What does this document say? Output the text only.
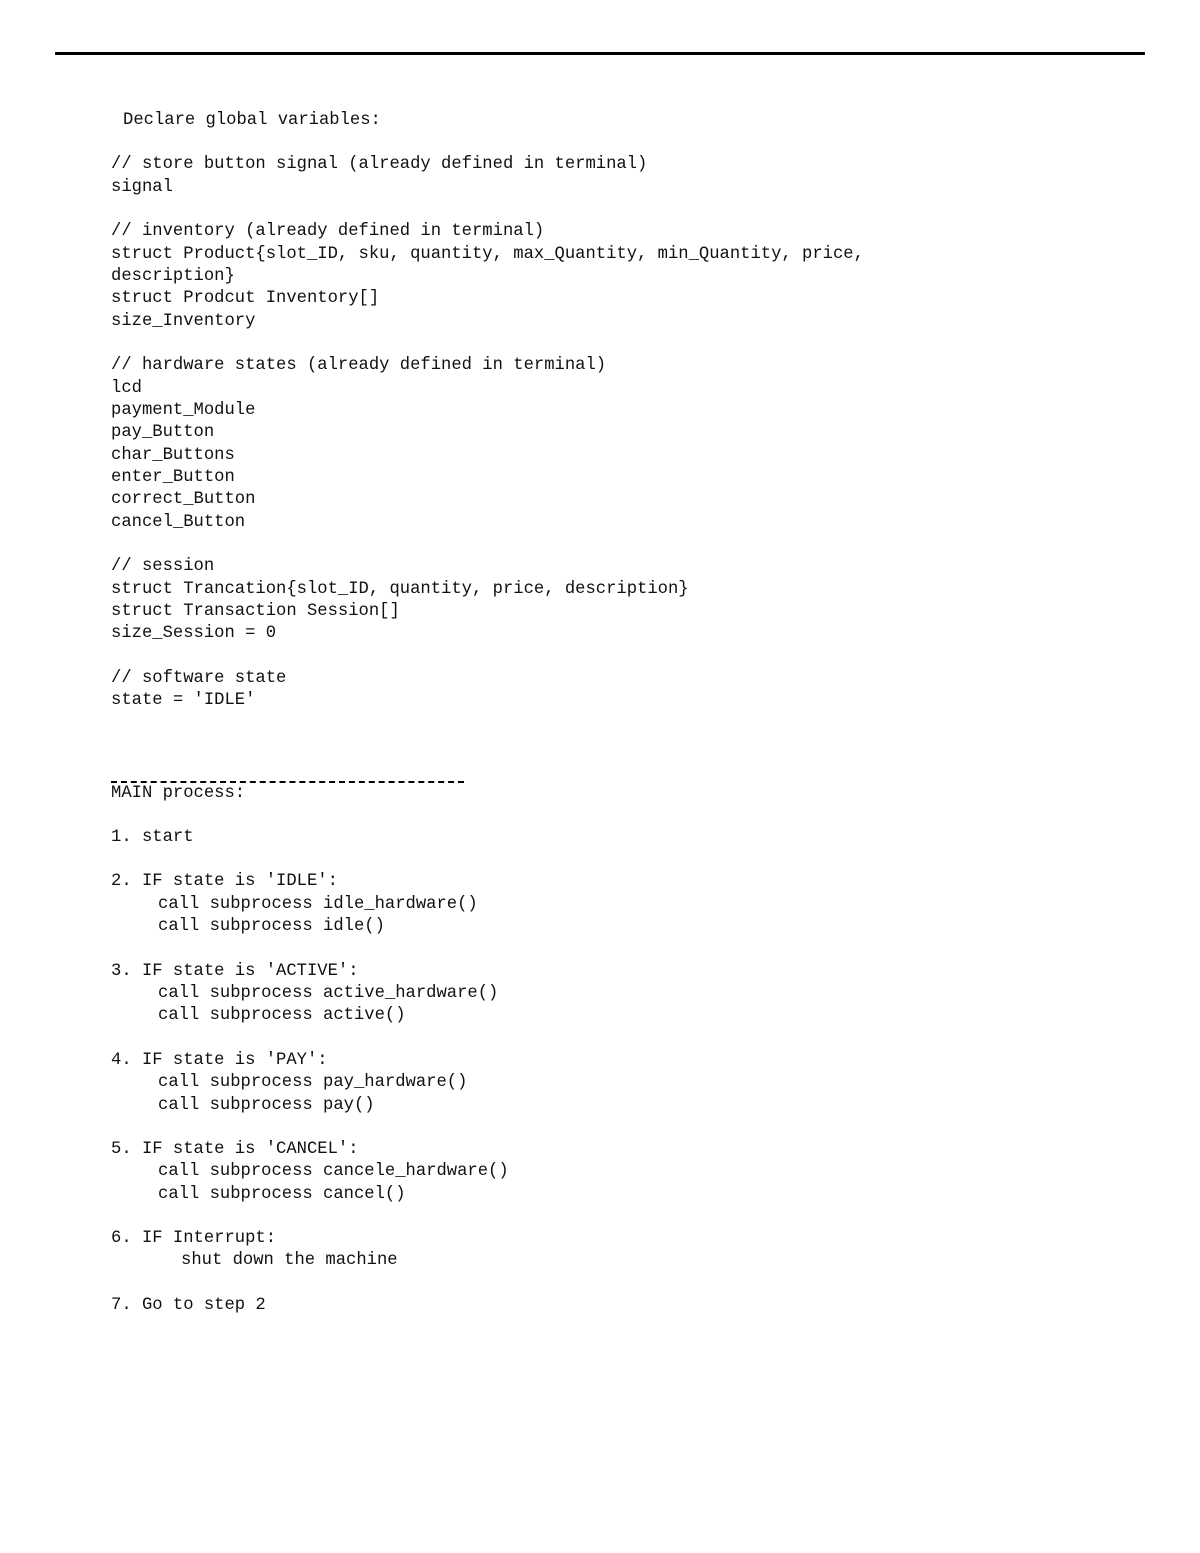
Declare global variables:
// store button signal (already defined in terminal)
signal
// inventory (already defined in terminal)
struct Product{slot_ID, sku, quantity, max_Quantity, min_Quantity, price,
description}
struct Prodcut Inventory[]
size_Inventory
// hardware states (already defined in terminal)
lcd
payment_Module
pay_Button
char_Buttons
enter_Button
correct_Button
cancel_Button
// session
struct Trancation{slot_ID, quantity, price, description}
struct Transaction Session[]
size_Session = 0
// software state
state = 'IDLE'
MAIN process:
1. start
2. IF state is 'IDLE':
call subprocess idle_hardware()
call subprocess idle()
3. IF state is 'ACTIVE':
call subprocess active_hardware()
call subprocess active()
4. IF state is 'PAY':
call subprocess pay_hardware()
call subprocess pay()
5. IF state is 'CANCEL':
call subprocess cancele_hardware()
call subprocess cancel()
6. IF Interrupt:
shut down the machine
7. Go to step 2
